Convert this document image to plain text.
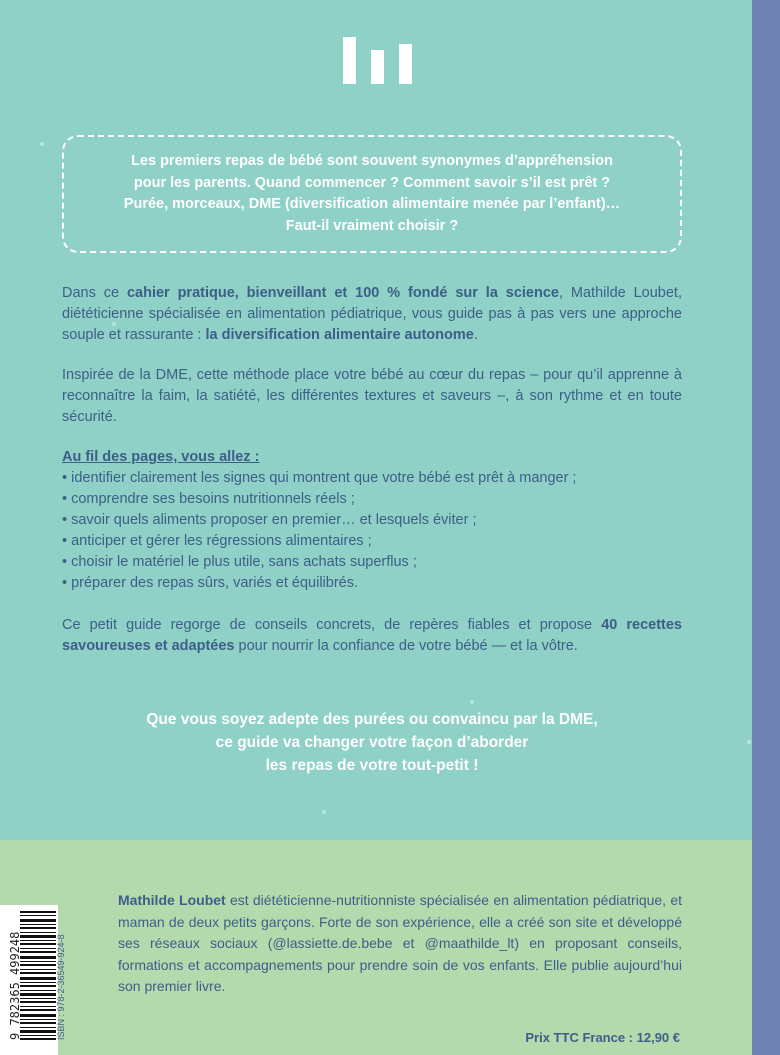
Les premiers repas de bébé sont souvent synonymes d’appréhension
pour les parents. Quand commencer ? Comment savoir s’il est prêt ?
Purée, morceaux, DME (diversification alimentaire menée par l’enfant)…
Faut-il vraiment choisir ?
Dans ce cahier pratique, bienveillant et 100 % fondé sur la science, Mathilde Loubet, diététicienne spécialisée en alimentation pédiatrique, vous guide pas à pas vers une approche souple et rassurante : la diversification alimentaire autonome.
Inspirée de la DME, cette méthode place votre bébé au cœur du repas – pour qu’il apprenne à reconnaître la faim, la satiété, les différentes textures et saveurs –, à son rythme et en toute sécurité.
Au fil des pages, vous allez :
• identifier clairement les signes qui montrent que votre bébé est prêt à manger ;
• comprendre ses besoins nutritionnels réels ;
• savoir quels aliments proposer en premier… et lesquels éviter ;
• anticiper et gérer les régressions alimentaires ;
• choisir le matériel le plus utile, sans achats superflus ;
• préparer des repas sûrs, variés et équilibrés.
Ce petit guide regorge de conseils concrets, de repères fiables et propose 40 recettes savoureuses et adaptées pour nourrir la confiance de votre bébé — et la vôtre.
Que vous soyez adepte des purées ou convaincu par la DME,
ce guide va changer votre façon d’aborder
les repas de votre tout-petit !
Mathilde Loubet est diététicienne-nutritionniste spécialisée en alimentation pédiatrique, et maman de deux petits garçons. Forte de son expérience, elle a créé son site et développé ses réseaux sociaux (@lassiette.de.bebe et @maathilde_lt) en proposant conseils, formations et accompagnements pour prendre soin de vos enfants. Elle publie aujourd’hui son premier livre.
Prix TTC France : 12,90 €
9 782365 499248	ISBN : 978-2-36549-924-8
